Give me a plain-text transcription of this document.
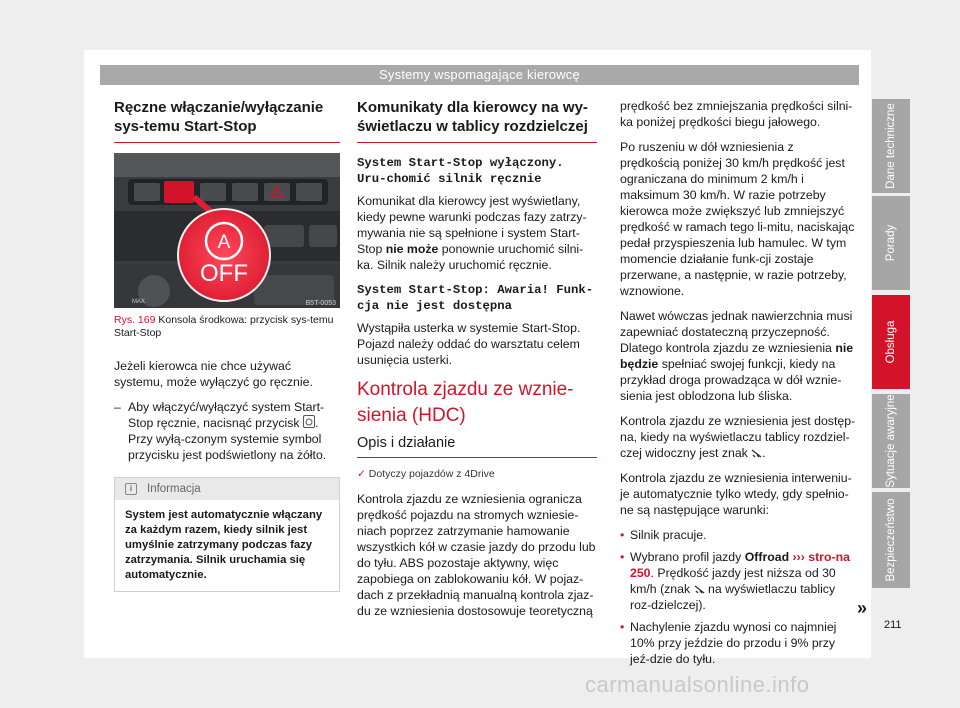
Systemy wspomagające kierowcę
Ręczne włączanie/wyłączanie sys-temu Start-Stop
MAX
A
OFF
B5T-0053
Rys. 169 Konsola środkowa: przycisk sys-temu Start-Stop

Jeżeli kierowca nie chce używać systemu, może wyłączyć go ręcznie.

– Aby włączyć/wyłączyć system Start-Stop ręcznie, nacisnąć przycisk . Przy wyłą-czonym systemie symbol przycisku jest podświetlony na żółto.
i	Informacja
System jest automatycznie włączany za każdym razem, kiedy silnik jest umyślnie zatrzymany podczas fazy zatrzymania. Silnik uruchamia się automatycznie.
Komunikaty dla kierowcy na wy-świetlaczu w tablicy rozdzielczej

System Start-Stop wyłączony. Uru-chomić silnik ręcznie

Komunikat dla kierowcy jest wyświetlany, kiedy pewne warunki podczas fazy zatrzy-mywania nie są spełnione i system Start-Stop nie może ponownie uruchomić silni-ka. Silnik należy uruchomić ręcznie.

System Start-Stop: Awaria! Funk-cja nie jest dostępna

Wystąpiła usterka w systemie Start-Stop. Pojazd należy oddać do warsztatu celem usunięcia usterki.

Kontrola zjazdu ze wznie-sienia (HDC)
Opis i działanie

✓ Dotyczy pojazdów z 4Drive

Kontrola zjazdu ze wzniesienia ogranicza prędkość pojazdu na stromych wzniesie-niach poprzez zatrzymanie hamowanie wszystkich kół w czasie jazdy do przodu lub do tyłu. ABS pozostaje aktywny, więc zapobiega on zablokowaniu kół. W pojaz-dach z przekładnią manualną kontrola zjaz-du ze wzniesienia dostosowuje teoretyczną

prędkość bez zmniejszania prędkości silni-ka poniżej prędkości biegu jałowego.

Po ruszeniu w dół wzniesienia z prędkością poniżej 30 km/h prędkość jest ograniczana do minimum 2 km/h i maksimum 30 km/h. W razie potrzeby kierowca może zwiększyć lub zmniejszyć prędkość w ramach tego li-mitu, naciskając pedał przyspieszenia lub hamulec. W tym momencie działanie funk-cji zostaje przerwane, a następnie, w razie potrzeby, wznowione.

Nawet wówczas jednak nawierzchnia musi zapewniać dostateczną przyczepność. Dlatego kontrola zjazdu ze wzniesienia nie będzie spełniać swojej funkcji, kiedy na przykład droga prowadząca w dół wznie-sienia jest oblodzona lub śliska.

Kontrola zjazdu ze wzniesienia jest dostęp-na, kiedy na wyświetlaczu tablicy rozdziel-czej widoczny jest znak .

Kontrola zjazdu ze wzniesienia interweniu-je automatycznie tylko wtedy, gdy spełnio-ne są następujące warunki:

• Silnik pracuje.
• Wybrano profil jazdy Offroad ››› stro-na 250. Prędkość jazdy jest niższa od 30 km/h (znak  na wyświetlaczu tablicy roz-dzielczej).
• Nachylenie zjazdu wynosi co najmniej 10% przy jeździe do przodu i 9% przy jeź-dzie do tyłu.
»
Dane techniczne
Porady
Obsługa
Sytuacje awaryjne
Bezpieczeństwo
211
carmanualsonline.info
